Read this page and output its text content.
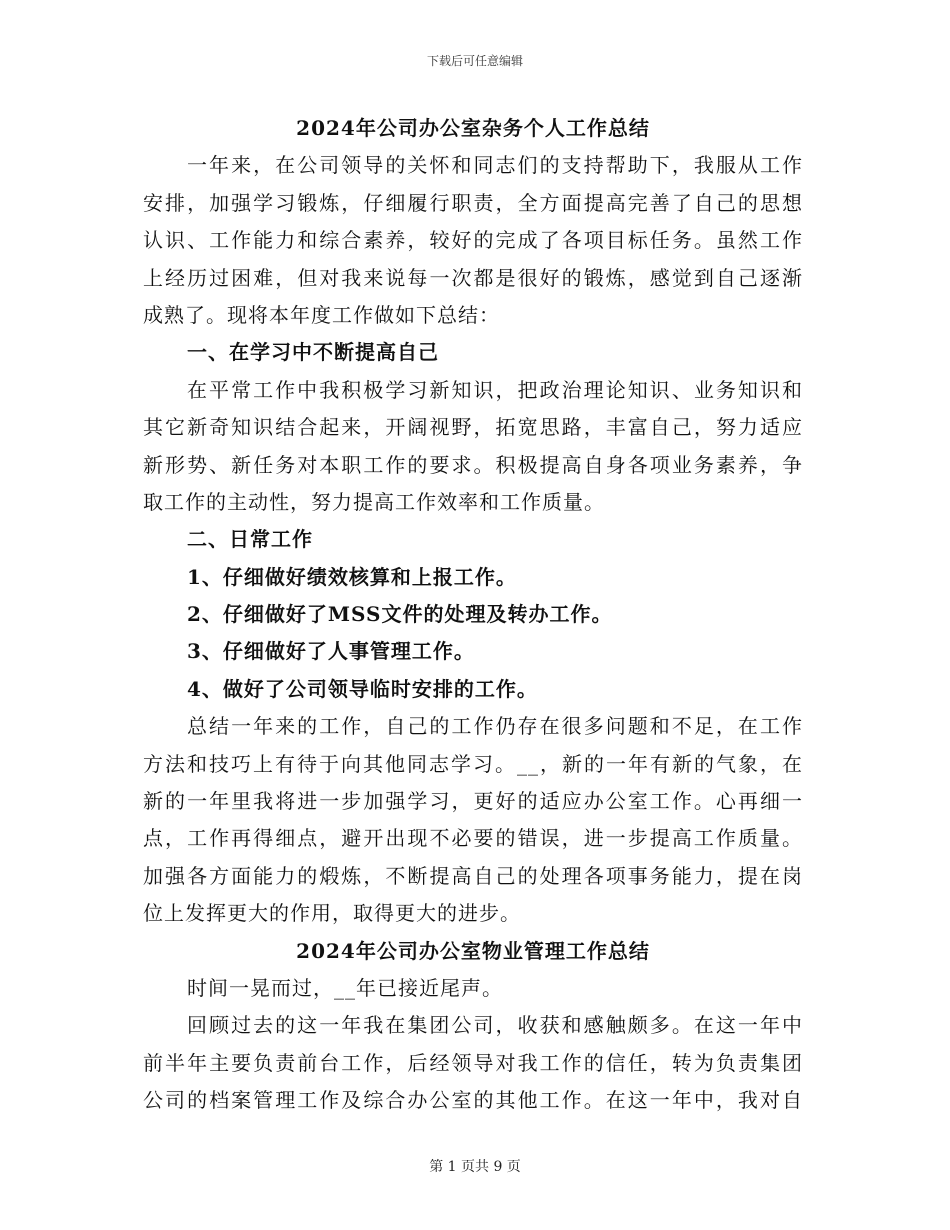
下载后可任意编辑
2024年公司办公室杂务个人工作总结
一年来，在公司领导的关怀和同志们的支持帮助下，我服从工作
安排，加强学习锻炼，仔细履行职责，全方面提高完善了自己的思想
认识、工作能力和综合素养，较好的完成了各项目标任务。虽然工作
上经历过困难，但对我来说每一次都是很好的锻炼，感觉到自己逐渐
成熟了。现将本年度工作做如下总结：
一、在学习中不断提高自己
在平常工作中我积极学习新知识，把政治理论知识、业务知识和
其它新奇知识结合起来，开阔视野，拓宽思路，丰富自己，努力适应
新形势、新任务对本职工作的要求。积极提高自身各项业务素养，争
取工作的主动性，努力提高工作效率和工作质量。
二、日常工作
1、仔细做好绩效核算和上报工作。
2、仔细做好了MSS文件的处理及转办工作。
3、仔细做好了人事管理工作。
4、做好了公司领导临时安排的工作。
总结一年来的工作，自己的工作仍存在很多问题和不足，在工作
方法和技巧上有待于向其他同志学习。__，新的一年有新的气象，在
新的一年里我将进一步加强学习，更好的适应办公室工作。心再细一
点，工作再得细点，避开出现不必要的错误，进一步提高工作质量。
加强各方面能力的煅炼，不断提高自己的处理各项事务能力，提在岗
位上发挥更大的作用，取得更大的进步。
2024年公司办公室物业管理工作总结
时间一晃而过，__年已接近尾声。
回顾过去的这一年我在集团公司，收获和感触颇多。在这一年中
前半年主要负责前台工作，后经领导对我工作的信任，转为负责集团
公司的档案管理工作及综合办公室的其他工作。在这一年中，我对自
第 1 页共 9 页
